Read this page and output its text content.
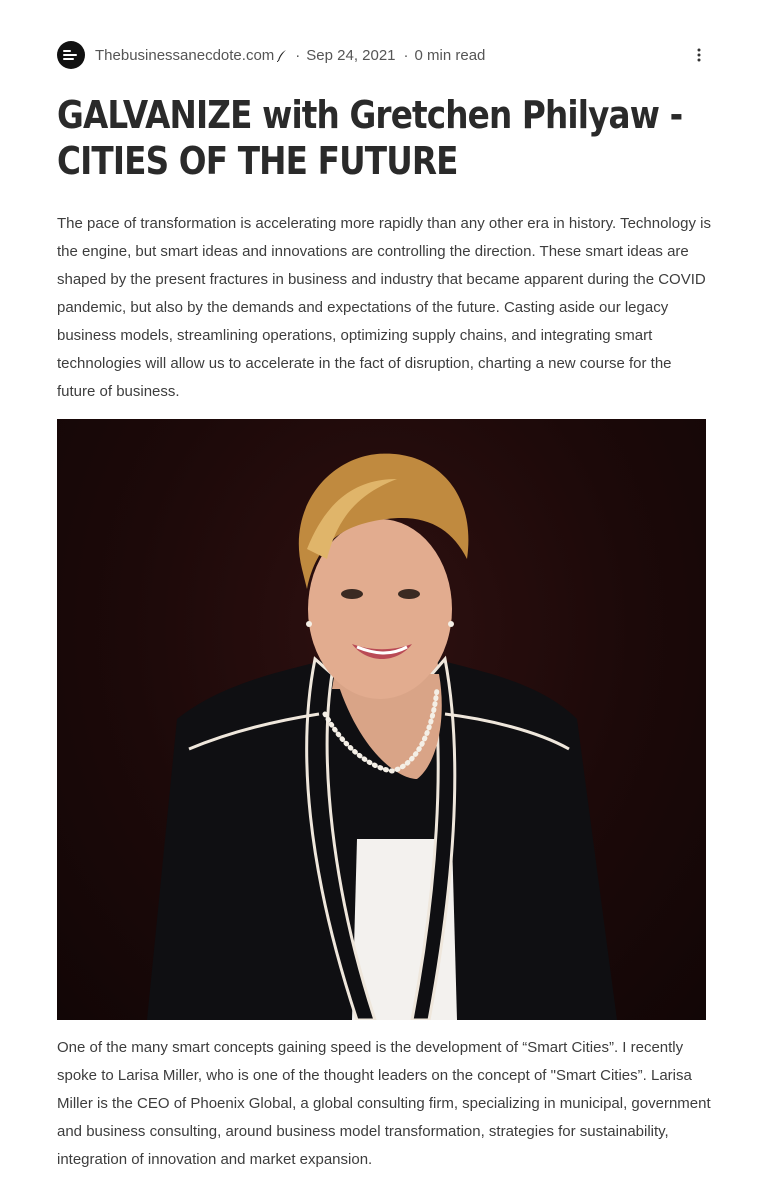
Thebusinessanecdote.com · Sep 24, 2021 · 0 min read
GALVANIZE with Gretchen Philyaw - CITIES OF THE FUTURE

The pace of transformation is accelerating more rapidly than any other era in history. Technology is the engine, but smart ideas and innovations are controlling the direction. These smart ideas are shaped by the present fractures in business and industry that became apparent during the COVID pandemic, but also by the demands and expectations of the future. Casting aside our legacy business models, streamlining operations, optimizing supply chains, and integrating smart technologies will allow us to accelerate in the fact of disruption, charting a new course for the future of business.

One of the many smart concepts gaining speed is the development of “Smart Cities”. I recently spoke to Larisa Miller, who is one of the thought leaders on the concept of "Smart Cities”. Larisa Miller is the CEO of Phoenix Global, a global consulting firm, specializing in municipal, government and business consulting, around business model transformation, strategies for sustainability, integration of innovation and market expansion.
